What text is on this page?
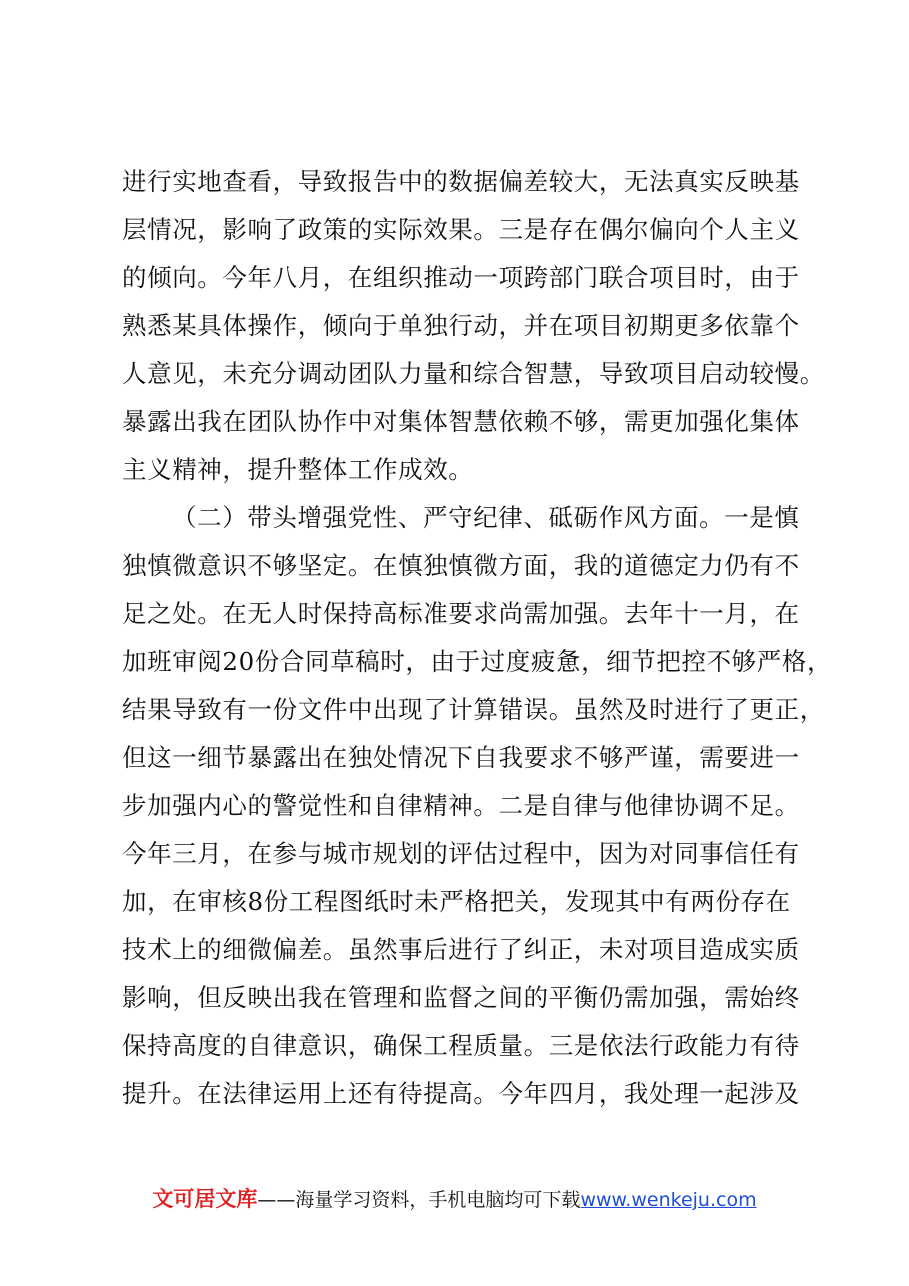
进行实地查看，导致报告中的数据偏差较大，无法真实反映基
层情况，影响了政策的实际效果。三是存在偶尔偏向个人主义
的倾向。今年八月，在组织推动一项跨部门联合项目时，由于
熟悉某具体操作，倾向于单独行动，并在项目初期更多依靠个
人意见，未充分调动团队力量和综合智慧，导致项目启动较慢。
暴露出我在团队协作中对集体智慧依赖不够，需更加强化集体
主义精神，提升整体工作成效。
（二）带头增强党性、严守纪律、砥砺作风方面。一是慎
独慎微意识不够坚定。在慎独慎微方面，我的道德定力仍有不
足之处。在无人时保持高标准要求尚需加强。去年十一月，在
加班审阅20份合同草稿时，由于过度疲惫，细节把控不够严格，
结果导致有一份文件中出现了计算错误。虽然及时进行了更正，
但这一细节暴露出在独处情况下自我要求不够严谨，需要进一
步加强内心的警觉性和自律精神。二是自律与他律协调不足。
今年三月，在参与城市规划的评估过程中，因为对同事信任有
加，在审核8份工程图纸时未严格把关，发现其中有两份存在
技术上的细微偏差。虽然事后进行了纠正，未对项目造成实质
影响，但反映出我在管理和监督之间的平衡仍需加强，需始终
保持高度的自律意识，确保工程质量。三是依法行政能力有待
提升。在法律运用上还有待提高。今年四月，我处理一起涉及
文可居文库——海量学习资料，手机电脑均可下载www.wenkeju.com
